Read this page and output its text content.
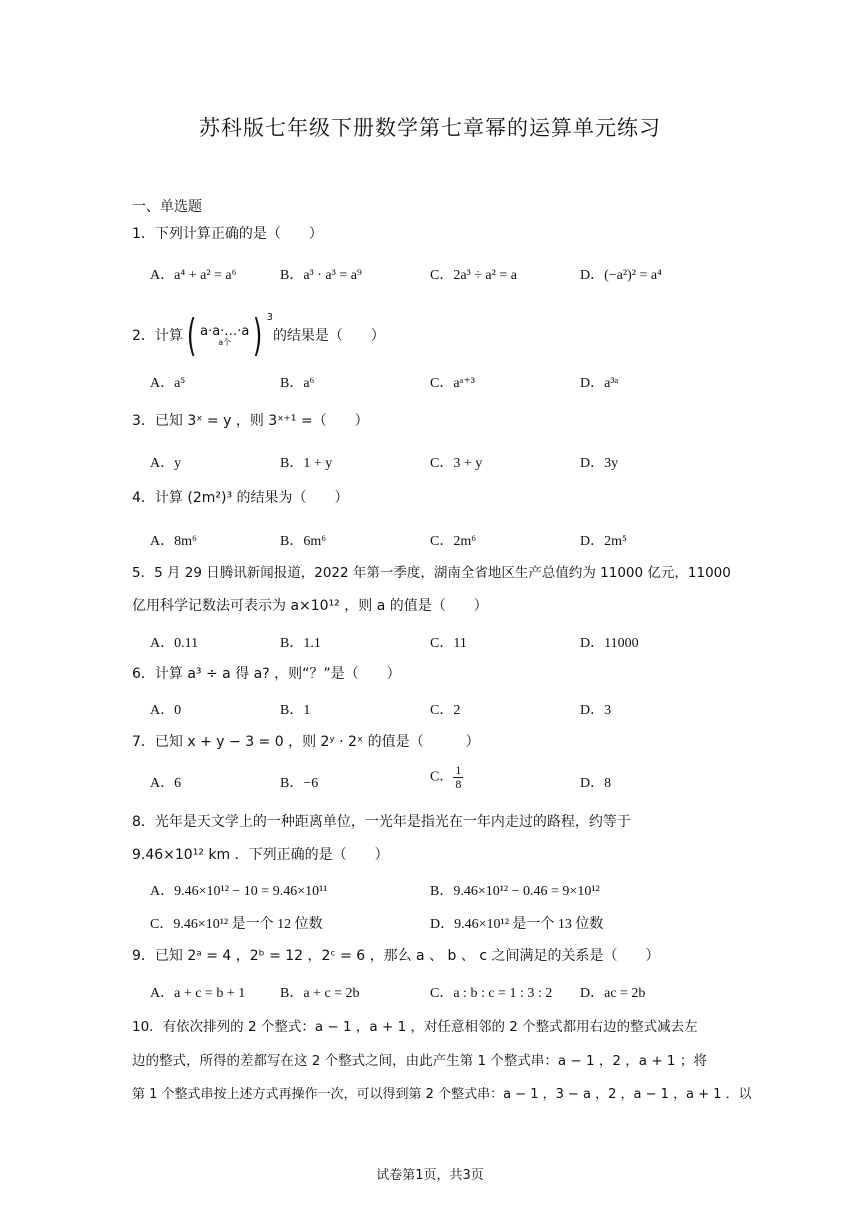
苏科版七年级下册数学第七章幂的运算单元练习
一、单选题
1．下列计算正确的是（　　）
A．a⁴ + a² = a⁶	B．a³ · a³ = a⁹	C．2a³ ÷ a² = a	D．(−a²)² = a⁴
2．计算( a·a·…·a
a个 ) $^3$的结果是（　　）
A．a⁵	B．a⁶	C．aᵃ⁺³	D．a³ᵃ
3．已知 3ˣ = y ，则 3ˣ⁺¹ =（　　）
A．y	B．1 + y	C．3 + y	D．3y
4．计算 (2m²)³ 的结果为（　　）
A．8m⁶	B．6m⁶	C．2m⁶	D．2m⁵
5．5 月 29 日腾讯新闻报道，2022 年第一季度，湖南全省地区生产总值约为 11000 亿元，11000
亿用科学记数法可表示为 a×10¹² ，则 a 的值是（　　）
A．0.11	B．1.1	C．11	D．11000
6．计算 a³ ÷ a 得 a? ，则“？”是（　　）
A．0	B．1	C．2	D．3
7．已知 x + y − 3 = 0 ，则 2ʸ · 2ˣ 的值是（　　　）
A．6	B．−6	C． $\frac{1}{8}$	D．8
8．光年是天文学上的一种距离单位，一光年是指光在一年内走过的路程，约等于
9.46×10¹² km ．下列正确的是（　　）
A．9.46×10¹² − 10 = 9.46×10¹¹	B．9.46×10¹² − 0.46 = 9×10¹²
C．9.46×10¹² 是一个 12 位数	D．9.46×10¹² 是一个 13 位数
9．已知 2ᵃ = 4 ，2ᵇ = 12 ，2ᶜ = 6 ，那么 a 、 b 、 c 之间满足的关系是（　　）
A．a + c = b + 1 B．a + c = 2b	C．a : b : c = 1 : 3 : 2 D．ac = 2b
10．有依次排列的 2 个整式：a − 1 ，a + 1 ，对任意相邻的 2 个整式都用右边的整式减去左
边的整式，所得的差都写在这 2 个整式之间，由此产生第 1 个整式串：a − 1 ，2 ，a + 1 ；将
第 1 个整式串按上述方式再操作一次，可以得到第 2 个整式串：a − 1 ，3 − a ，2 ，a − 1 ，a + 1 ．以
试卷第1页，共3页
